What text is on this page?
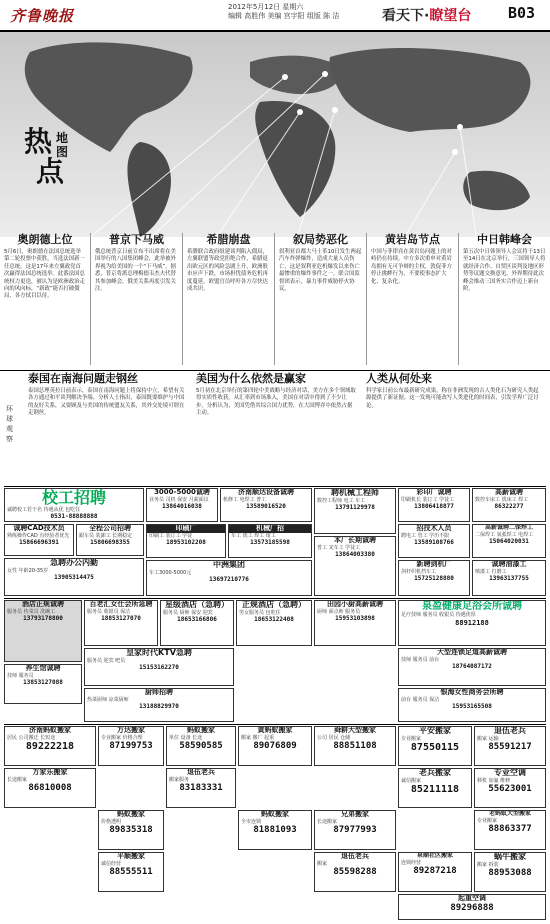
齐鲁晚报	2012年5月12日 星期六
编辑 高胜伟 美编 宫宇阳 组版 陈 洁	看天下·瞭望台 B03
热 地
图
点
奥朗德上位

5月6日，奥朗德在法国总统选举第二轮投票中获胜，当选法国新一任总统，这是17年来左翼政党首次赢得法国总统选举。此番法国总统权力更迭，被认为是欧洲政治走向的风向标，“新政”能否打破僵局，各方拭目以待。

普京下马威

俄总统普京日前宣布不出席将在美国举行的八国集团峰会，此举被外界视为给美国的一个“下马威”。据悉，普京将派总理梅德韦杰夫代替其参加峰会，俄美关系再度引发关注。

希腊崩盘

希腊联合政府组建谈判陷入僵局，左翼联盟等政党拒绝合作，希腊退出欧元区的风险急剧上升，欧洲股市应声下跌，市场担忧债务危机再度蔓延，欧盟官员呼吁各方尽快达成共识。

叙局势恶化

叙利亚首都大马士革10日发生两起汽车炸弹爆炸，造成大量人员伤亡，这是叙利亚危机爆发以来伤亡最惨重的爆炸事件之一。联合国监督团表示，暴力事件威胁停火协议。

黄岩岛节点

中国与菲律宾在黄岩岛问题上的对峙仍在持续。中方多次重申对黄岩岛拥有无可争辩的主权，敦促菲方停止挑衅行为，不要使事态扩大化、复杂化。

中日韩峰会

第五次中日韩领导人会议将于13日至14日在北京举行，三国领导人将就经济合作、自贸区谈判及地区形势等议题交换意见，外界期待此次峰会推动三国务实合作迈上新台阶。

环球观察
泰国在南海问题走钢丝

泰国总理英拉日前表示，泰国在南海问题上将保持中立，希望有关各方通过和平谈判解决争端。分析人士指出，泰国既要维护与中国的友好关系，又要顾及与美国的传统盟友关系，其外交处境可谓在走钢丝。

美国为什么依然是赢家

5月初在北京举行的第四轮中美战略与经济对话，美方在多个领域取得实质性收获。从汇率到市场准入，美国在对话中得到了不少让步。分析认为，美国凭借其综合国力优势，在大国博弈中依然占据主动。

人类从何处来

科学家日前公布最新研究成果，称在非洲发现的古人类化石为研究人类起源提供了新证据。这一发现可能改写人类进化的时间表，引发学界广泛讨论。

校工招聘
诚聘校工若干名 待遇从优 包吃住
0531-88888888
诚聘CAD技术员
熟练操作CAD 有经验者优先
15866696391
3000-5000诚聘
业务员 司机 保安 月薪面议
13864016038
济南顺达设备诚聘
机修工 电焊工 普工
13589016520
聘机械工程师
数控工程师 电工 车工
13791129978
彩印厂诚聘
印刷机长 装订工 学徒工
13806418877
高薪诚聘
数控车床工 铣床工 焊工
86322277
全程公司招聘
跟车员 装卸工 长期稳定
15806698355
印刷厂
印刷工 装订工 学徒
18953102208
机械厂招
车工 铣工 焊工 钳工
13573185598
招技术人员
聘电工 管工 学历不限
13589108766
高薪诚聘二保焊工
二保焊工 氩弧焊工 电焊工
15064020031
急聘办公内勤
女性 年龄20-35岁
13905314475
中洲集团
车工3000-5000元
13697210776
本厂长期诚聘
普工 叉车工 学徒工
13864003380
新聘剑机厂
剑杆织机挡车工
15725128880
诚聘油漆工
喷漆工 打磨工
13963137755
百老汇女仕会所急聘
服务员 收银员 保洁
18853127070
星级酒店（急聘）
服务员 厨师 保安 迎宾
18653166806
正规酒店（急聘）
男女服务员 包吃住
18653122408
田园小厨高薪诚聘
厨师 面点师 服务员
15953103898
泉盈健康足浴会所诚聘
足疗技师 服务员 收银员 待遇优厚
88912188
酒店正规诚聘
服务员 传菜员 洗碗工
13793178800
皇家时代KTV急聘
服务员 迎宾 吧员
15153162270
大型连锁足道高薪诚聘
技师 服务员 前台
18764087172
养生馆诚聘
技师 服务员
13853127088
厨师招聘
热菜厨师 凉菜厨师
13188829970
银海女性商务会所聘
前台 服务员 保洁
15953165508
济南蚂蚁搬家
居民 公司搬迁 长短途
89222218
万达搬家
专业搬家 价格合理
87199753
蚂蚁搬家
单位 设备 长途
58590585
黄蚂蚁搬家
搬家 搬厂 起重
89076809
舜耕大型搬家
公司 居民 仓储
88851108
平安搬家
专业搬家
87550115
退伍老兵
搬家 运输
85591217
老兵搬家
诚信搬家
85211118
专业空调
移机 加氟 维修
55623001
万家乐搬家
长途搬家
86810008
退伍老兵
搬家服务
83183331
蚂蚁搬家
价格透明
89835318
蚂蚁搬家
全市连锁
81881093
兄弟搬家
长途搬家
87977993
老蚂蚁大型搬家
专业搬家
88863377
蜗牛搬家
搬家 拆装
88953088
平顺搬家
诚信经营
88555511
泉顺社区搬家
连锁经营
89287218
退伍老兵
搬家
85598288
起重空调
89296888
